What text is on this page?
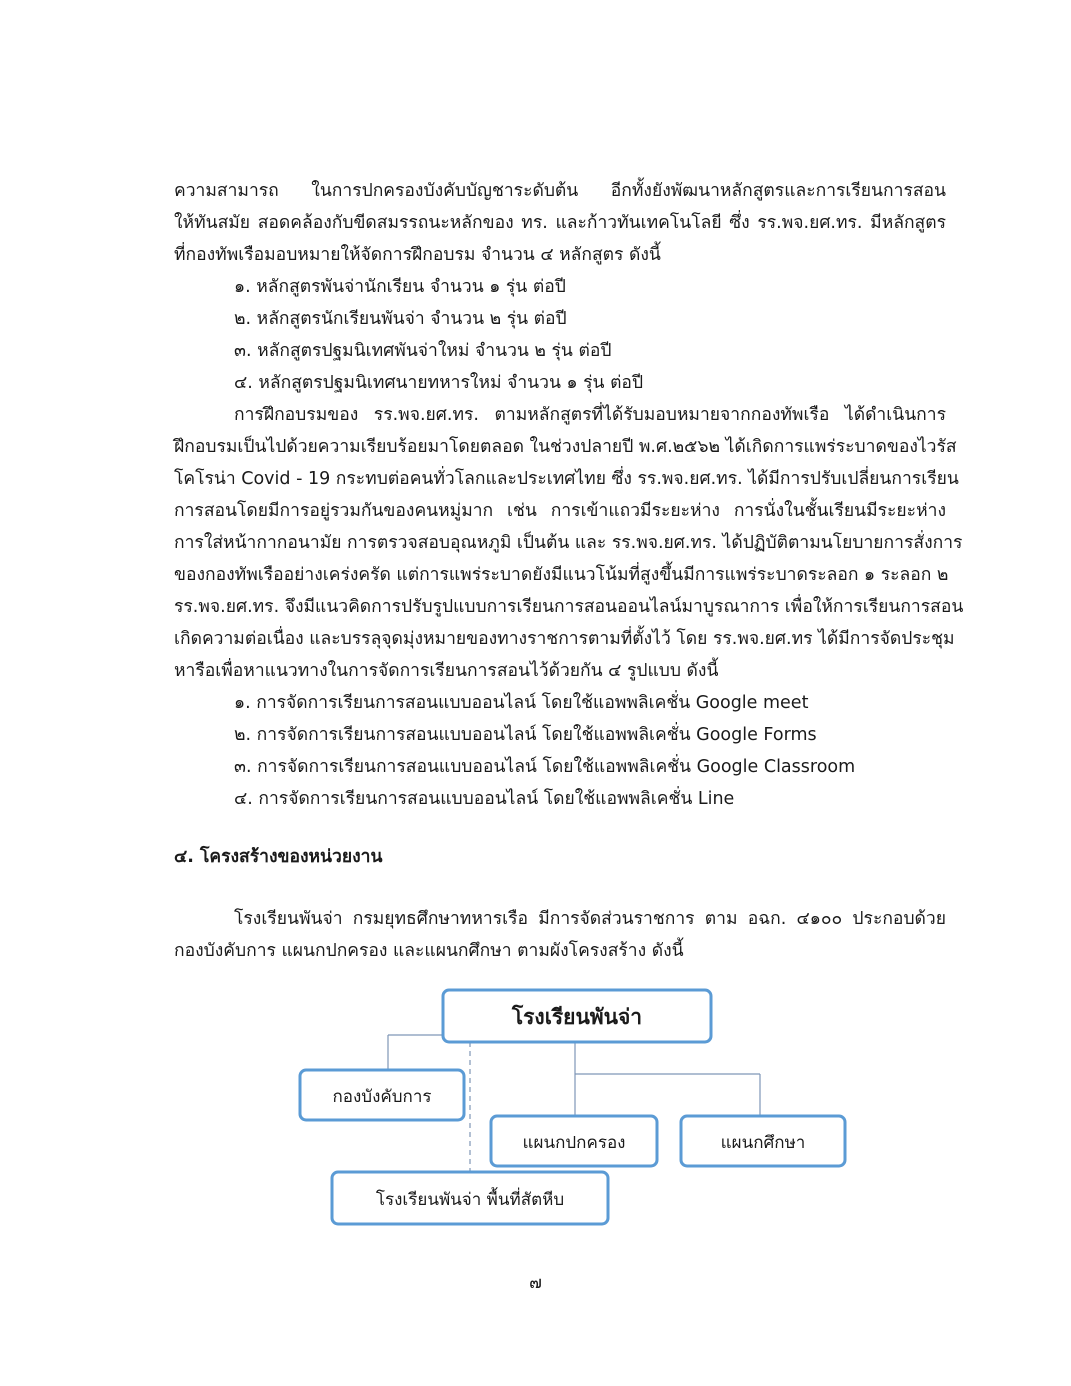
ความสามารถ ในการปกครองบังคับบัญชาระดับต้น อีกทั้งยังพัฒนาหลักสูตรและการเรียนการสอน
ให้ทันสมัย สอดคล้องกับขีดสมรรถนะหลักของ ทร. และก้าวทันเทคโนโลยี ซึ่ง รร.พจ.ยศ.ทร. มีหลักสูตร
ที่กองทัพเรือมอบหมายให้จัดการฝึกอบรม จำนวน ๔ หลักสูตร ดังนี้
๑. หลักสูตรพันจ่านักเรียน จำนวน ๑ รุ่น ต่อปี
๒. หลักสูตรนักเรียนพันจ่า จำนวน ๒ รุ่น ต่อปี
๓. หลักสูตรปฐมนิเทศพันจ่าใหม่ จำนวน ๒ รุ่น ต่อปี
๔. หลักสูตรปฐมนิเทศนายทหารใหม่ จำนวน ๑ รุ่น ต่อปี
การฝึกอบรมของ รร.พจ.ยศ.ทร. ตามหลักสูตรที่ได้รับมอบหมายจากกองทัพเรือ ได้ดำเนินการ
ฝึกอบรมเป็นไปด้วยความเรียบร้อยมาโดยตลอด ในช่วงปลายปี พ.ศ.๒๕๖๒ ได้เกิดการแพร่ระบาดของไวรัส
โคโรน่า Covid - 19 กระทบต่อคนทั่วโลกและประเทศไทย ซึ่ง รร.พจ.ยศ.ทร. ได้มีการปรับเปลี่ยนการเรียน
การสอนโดยมีการอยู่รวมกันของคนหมู่มาก เช่น การเข้าแถวมีระยะห่าง การนั่งในชั้นเรียนมีระยะห่าง
การใส่หน้ากากอนามัย การตรวจสอบอุณหภูมิ เป็นต้น และ รร.พจ.ยศ.ทร. ได้ปฏิบัติตามนโยบายการสั่งการ
ของกองทัพเรืออย่างเคร่งครัด แต่การแพร่ระบาดยังมีแนวโน้มที่สูงขึ้นมีการแพร่ระบาดระลอก ๑ ระลอก ๒
รร.พจ.ยศ.ทร. จึงมีแนวคิดการปรับรูปแบบการเรียนการสอนออนไลน์มาบูรณาการ เพื่อให้การเรียนการสอน
เกิดความต่อเนื่อง และบรรลุจุดมุ่งหมายของทางราชการตามที่ตั้งไว้ โดย รร.พจ.ยศ.ทร ได้มีการจัดประชุม
หารือเพื่อหาแนวทางในการจัดการเรียนการสอนไว้ด้วยกัน ๔ รูปแบบ ดังนี้
๑. การจัดการเรียนการสอนแบบออนไลน์ โดยใช้แอพพลิเคชั่น Google meet
๒. การจัดการเรียนการสอนแบบออนไลน์ โดยใช้แอพพลิเคชั่น Google Forms
๓. การจัดการเรียนการสอนแบบออนไลน์ โดยใช้แอพพลิเคชั่น Google Classroom
๔. การจัดการเรียนการสอนแบบออนไลน์ โดยใช้แอพพลิเคชั่น Line
๔. โครงสร้างของหน่วยงาน
โรงเรียนพันจ่า กรมยุทธศึกษาทหารเรือ มีการจัดส่วนราชการ ตาม อฉก. ๔๑๐๐ ประกอบด้วย
กองบังคับการ แผนกปกครอง และแผนกศึกษา ตามผังโครงสร้าง ดังนี้
โรงเรียนพันจ่า
กองบังคับการ
แผนกปกครอง	แผนกศึกษา
โรงเรียนพันจ่า พื้นที่สัตหีบ
๗
